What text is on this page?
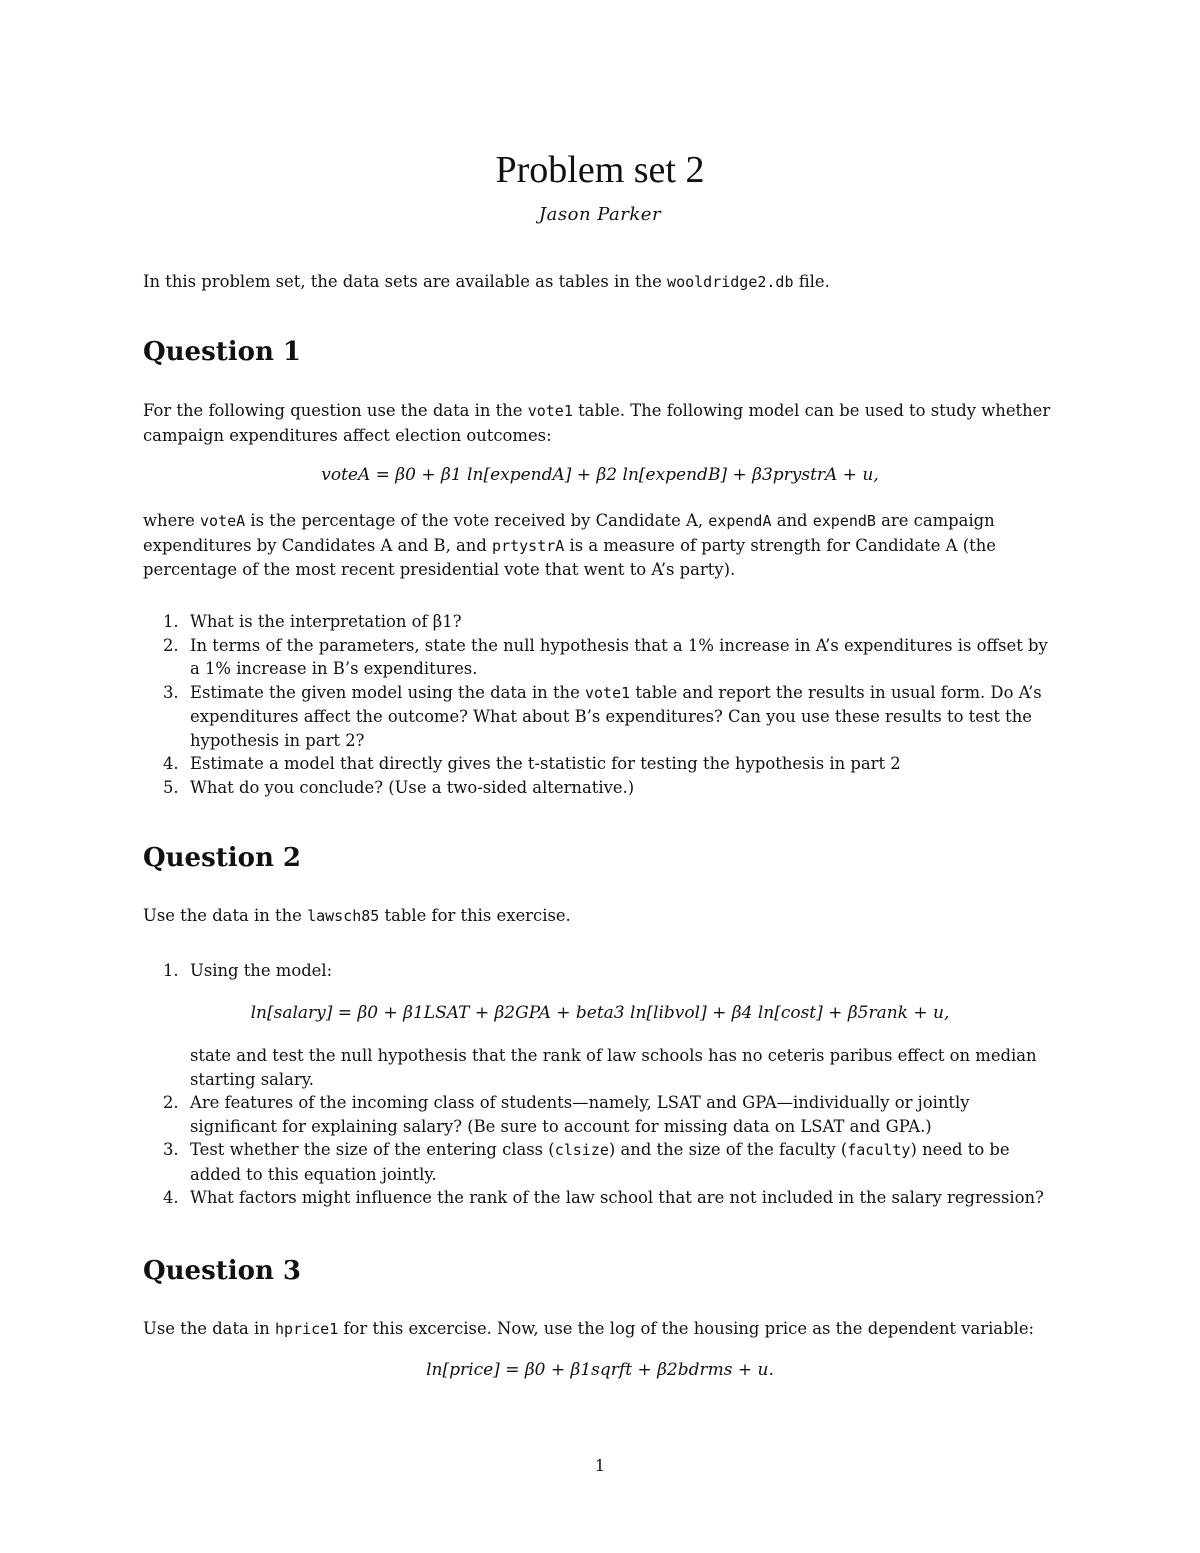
Problem set 2
Jason Parker

In this problem set, the data sets are available as tables in the wooldridge2.db file.

Question 1

For the following question use the data in the vote1 table. The following model can be used to study whether campaign expenditures affect election outcomes:

voteA = β0 + β1 ln[expendA] + β2 ln[expendB] + β3prystrA + u,

where voteA is the percentage of the vote received by Candidate A, expendA and expendB are campaign expenditures by Candidates A and B, and prtystrA is a measure of party strength for Candidate A (the percentage of the most recent presidential vote that went to A’s party).

1. What is the interpretation of β1?
2. In terms of the parameters, state the null hypothesis that a 1% increase in A’s expenditures is offset by a 1% increase in B’s expenditures.
3. Estimate the given model using the data in the vote1 table and report the results in usual form. Do A’s expenditures affect the outcome? What about B’s expenditures? Can you use these results to test the hypothesis in part 2?
4. Estimate a model that directly gives the t-statistic for testing the hypothesis in part 2
5. What do you conclude? (Use a two-sided alternative.)
Question 2

Use the data in the lawsch85 table for this exercise.

1. Using the model:
ln[salary] = β0 + β1LSAT + β2GPA + beta3 ln[libvol] + β4 ln[cost] + β5rank + u,
state and test the null hypothesis that the rank of law schools has no ceteris paribus effect on median starting salary.
2. Are features of the incoming class of students—namely, LSAT and GPA—individually or jointly significant for explaining salary? (Be sure to account for missing data on LSAT and GPA.)
3. Test whether the size of the entering class (clsize) and the size of the faculty (faculty) need to be added to this equation jointly.
4. What factors might influence the rank of the law school that are not included in the salary regression?
Question 3

Use the data in hprice1 for this excercise. Now, use the log of the housing price as the dependent variable:

ln[price] = β0 + β1sqrft + β2bdrms + u.
1
